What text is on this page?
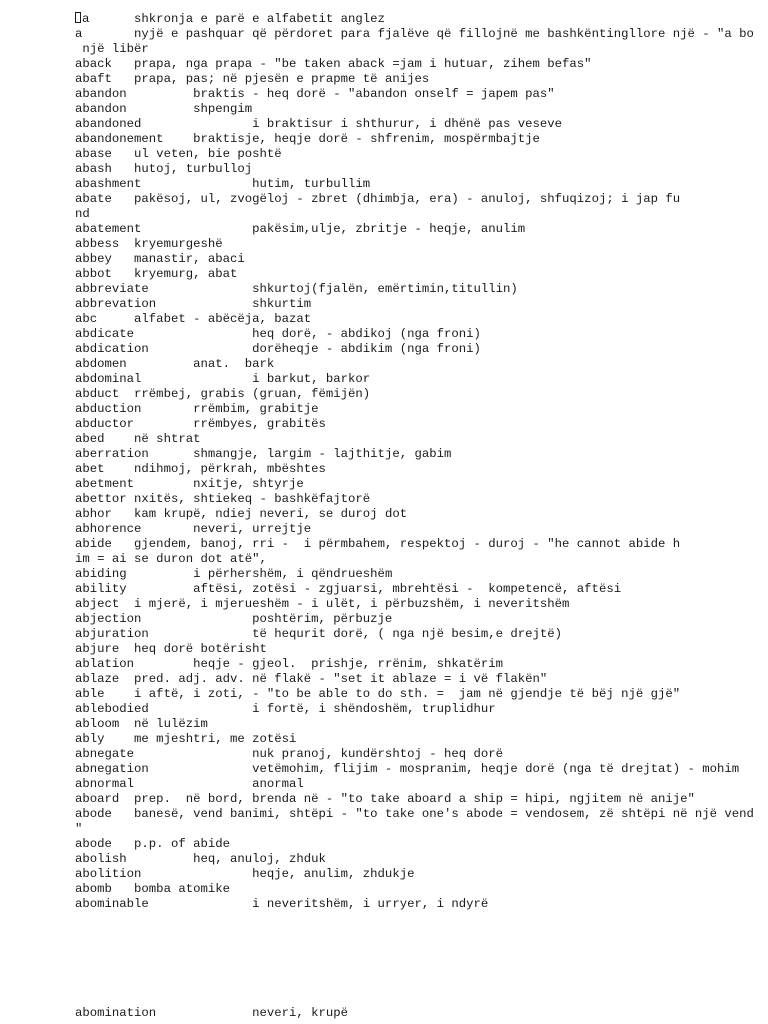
a	shkronja e parë e alfabetit anglez

a	nyjë e pashquar që përdoret para fjalëve që fillojnë me bashkëntingllore një - "a bo

një libër

aback	prapa, nga prapa - "be taken aback =jam i hutuar, zihem befas"

abaft	prapa, pas; në pjesën e prapme të anijes

abandon		braktis - heq dorë - "abandon onself = japem pas"

abandon		shpengim

abandoned		i braktisur i shthurur, i dhënë pas veseve

abandonement	braktisje, heqje dorë - shfrenim, mospërmbajtje

abase	ul veten, bie poshtë

abash	hutoj, turbulloj

abashment		hutim, turbullim

abate	pakësoj, ul, zvogëloj - zbret (dhimbja, era) - anuloj, shfuqizoj; i jap fu

nd

abatement		pakësim,ulje, zbritje - heqje, anulim

abbess	kryemurgeshë

abbey	manastir, abaci

abbot	kryemurg, abat

abbreviate		shkurtoj(fjalën, emërtimin,titullin)

abbrevation		shkurtim

abc	alfabet - abëcëja, bazat

abdicate		heq dorë, - abdikoj (nga froni)

abdication		dorëheqje - abdikim (nga froni)

abdomen		anat.  bark

abdominal		i barkut, barkor

abduct	rrëmbej, grabis (gruan, fëmijën)

abduction	rrëmbim, grabitje

abductor	rrëmbyes, grabitës

abed	në shtrat

aberration	shmangje, largim - lajthitje, gabim

abet	ndihmoj, përkrah, mbështes

abetment	nxitje, shtyrje

abettor	nxitës, shtiekeq - bashkëfajtorë

abhor	kam krupë, ndiej neveri, se duroj dot

abhorence	neveri, urrejtje

abide	gjendem, banoj, rri -  i përmbahem, respektoj - duroj - "he cannot abide h

im = ai se duron dot atë",

abiding		i përhershëm, i qëndrueshëm

ability		aftësi, zotësi - zgjuarsi, mbrehtësi -  kompetencë, aftësi

abject	i mjerë, i mjerueshëm - i ulët, i përbuzshëm, i neveritshëm

abjection		poshtërim, përbuzje

abjuration		të hequrit dorë, ( nga një besim,e drejtë)

abjure	heq dorë botërisht

ablation	heqje - gjeol.  prishje, rrënim, shkatërim

ablaze	pred. adj. adv. në flakë - "set it ablaze = i vë flakën"

able	i aftë, i zoti, - "to be able to do sth. =  jam në gjendje të bëj një gjë"

ablebodied		i fortë, i shëndoshëm, truplidhur

abloom	në lulëzim

ably	me mjeshtri, me zotësi

abnegate		nuk pranoj, kundërshtoj - heq dorë

abnegation		vetëmohim, flijim - mospranim, heqje dorë (nga të drejtat) - mohim

abnormal		anormal

aboard	prep.  në bord, brenda në - "to take aboard a ship = hipi, ngjitem në anije"

abode	banesë, vend banimi, shtëpi - "to take one's abode = vendosem, zë shtëpi në një vend

"

abode	p.p. of abide

abolish		heq, anuloj, zhduk

abolition		heqje, anulim, zhdukje

abomb	bomba atomike

abominable		i neveritshëm, i urryer, i ndyrë

abomination		neveri, krupë
